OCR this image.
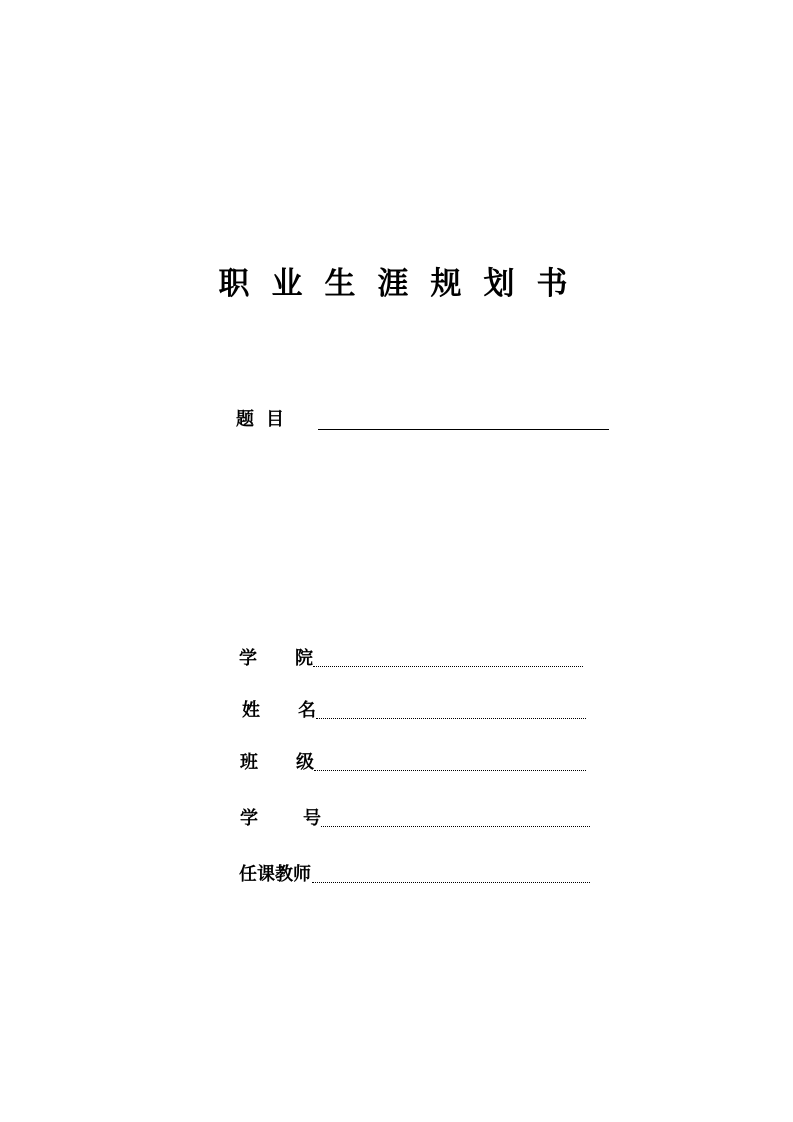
职业生涯规划书
题目
学 院
姓 名
班 级
学	号
任课教师
